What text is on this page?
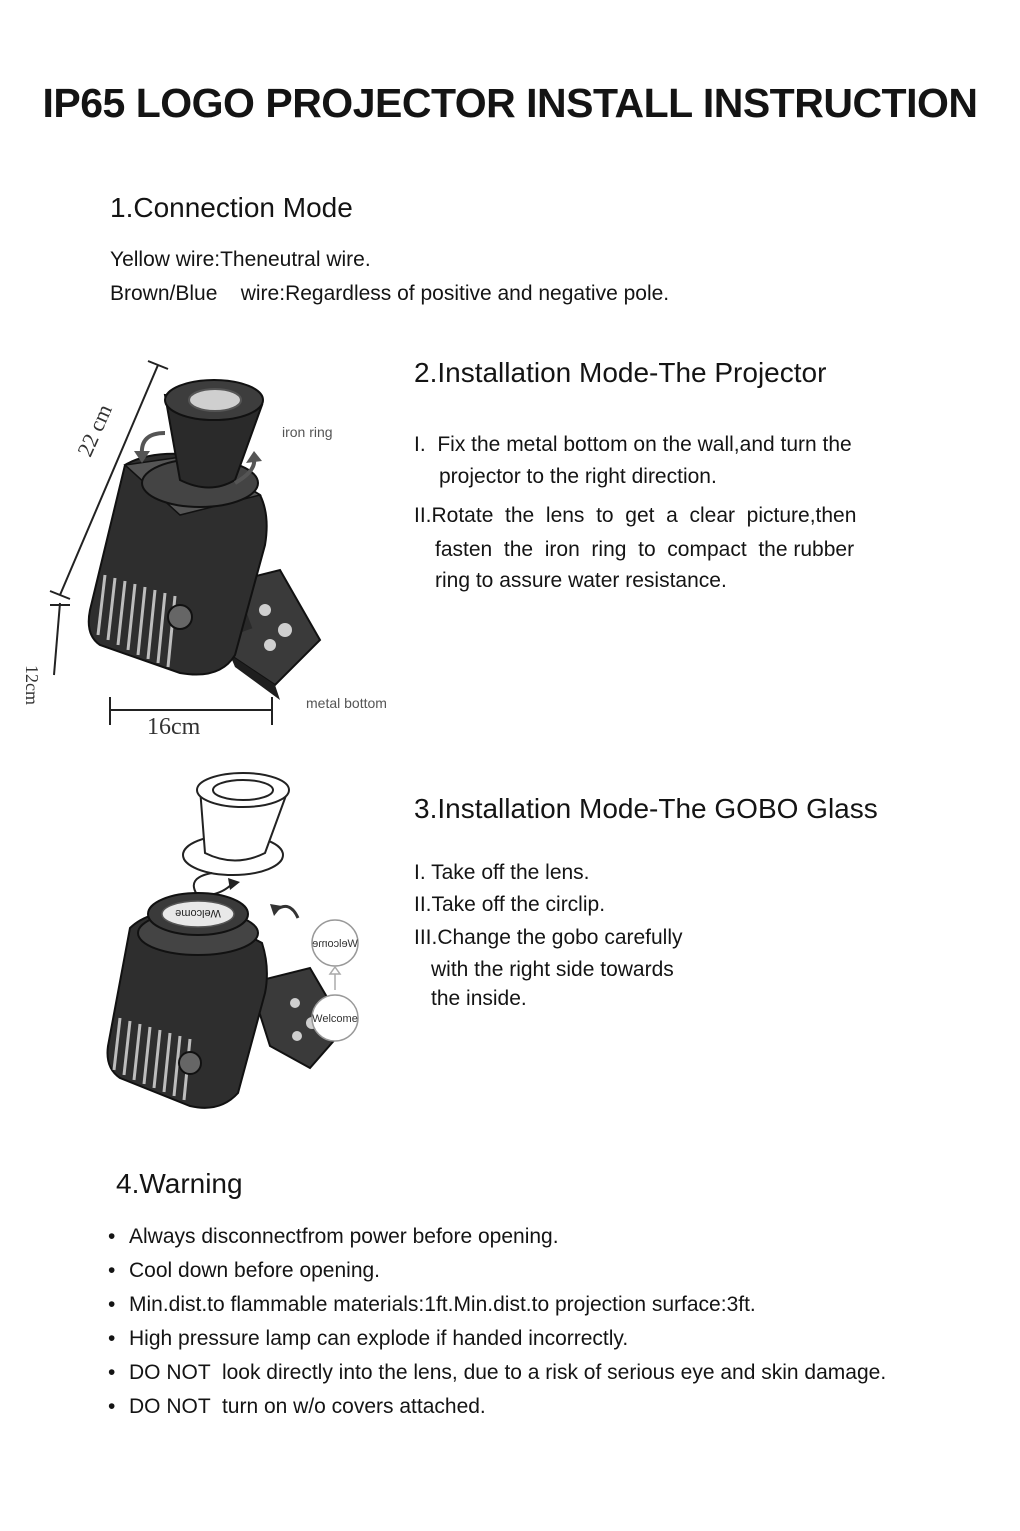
IP65 LOGO PROJECTOR INSTALL INSTRUCTION
1.Connection Mode
Yellow wire:Theneutral wire.
Brown/Blue    wire:Regardless of positive and negative pole.
22 cm
12cm
16cm
iron ring
metal bottom
2.Installation Mode-The Projector
I.  Fix the metal bottom on the wall,and turn the
projector to the right direction.
II.Rotate  the  lens  to  get  a  clear  picture,then
fasten  the  iron  ring  to  compact  the rubber
ring to assure water resistance.
Welcome
Welcome
Welcome
3.Installation Mode-The GOBO Glass
I. Take off the lens.
II.Take off the circlip.
III.Change the gobo carefully
with the right side towards
the inside.
4.Warning
• Always disconnectfrom power before opening.
• Cool down before opening.
• Min.dist.to flammable materials:1ft.Min.dist.to projection surface:3ft.
• High pressure lamp can explode if handed incorrectly.
• DO NOT  look directly into the lens, due to a risk of serious eye and skin damage.
• DO NOT  turn on w/o covers attached.
